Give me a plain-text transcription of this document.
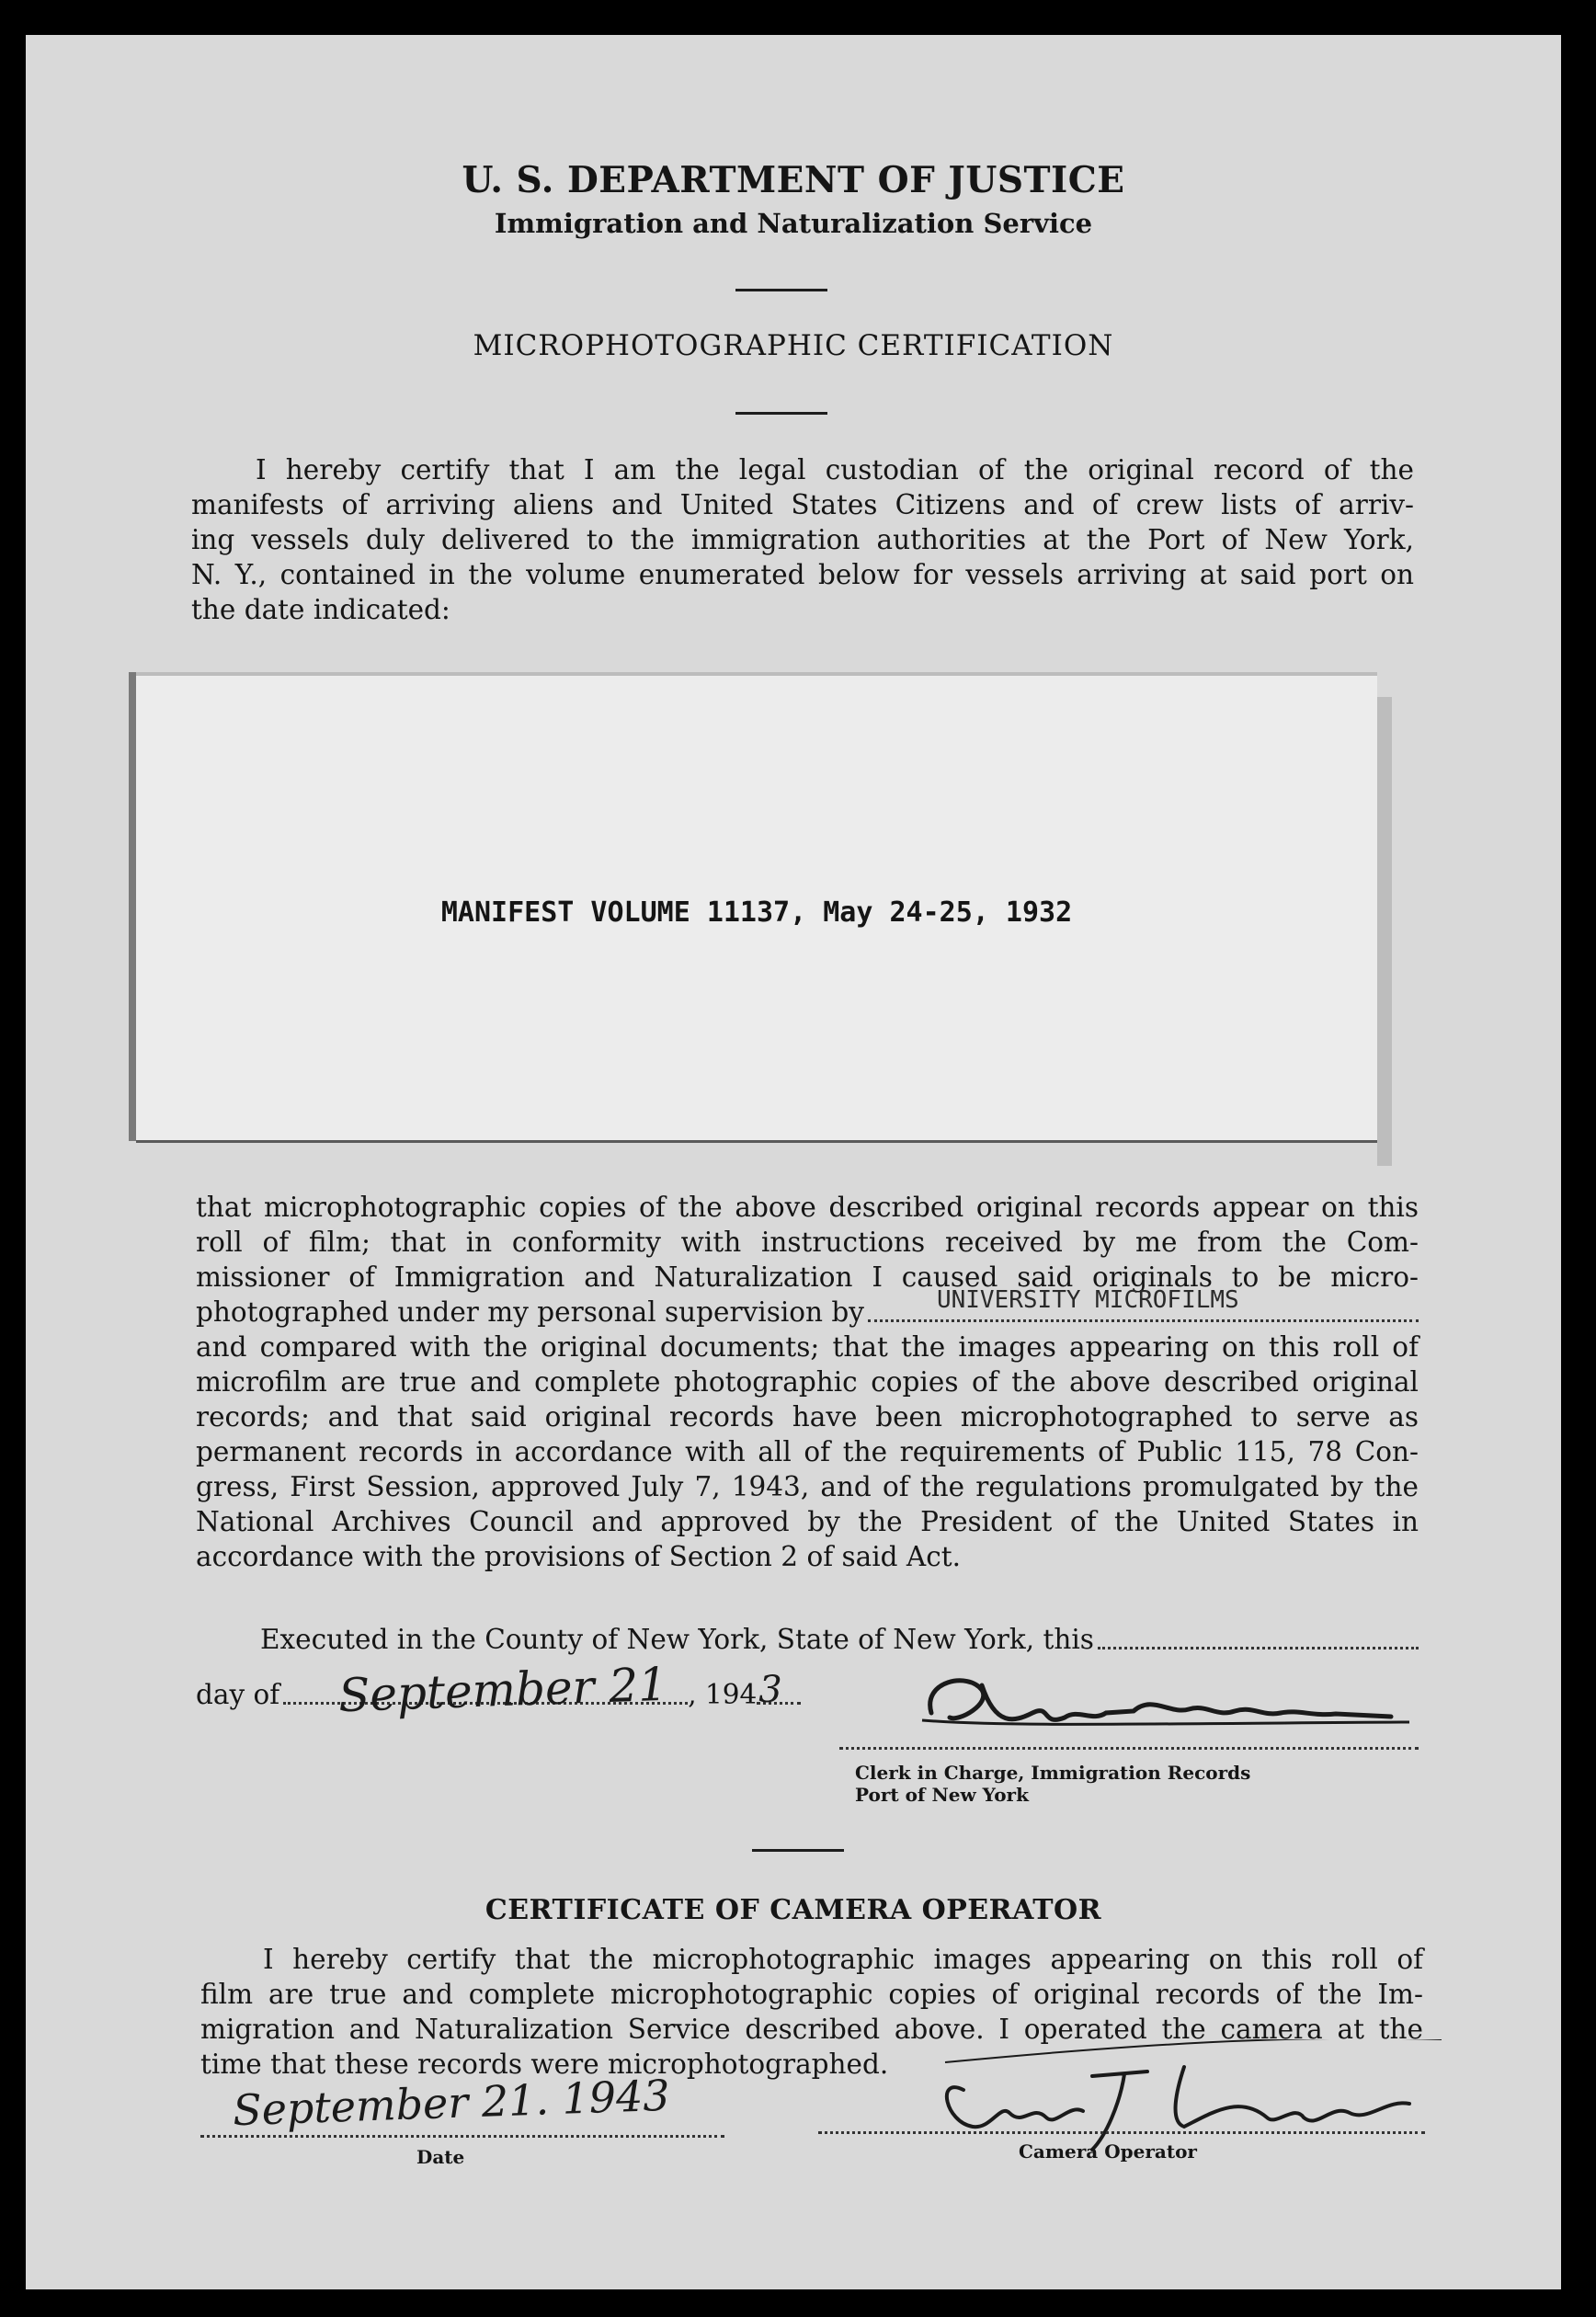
U. S. DEPARTMENT OF JUSTICE
Immigration and Naturalization Service
MICROPHOTOGRAPHIC CERTIFICATION
I hereby certify that I am the legal custodian of the original record of the
manifests of arriving aliens and United States Citizens and of crew lists of arriv-
ing vessels duly delivered to the immigration authorities at the Port of New York,
N. Y., contained in the volume enumerated below for vessels arriving at said port on
the date indicated:
MANIFEST VOLUME 11137, May 24-25, 1932
that microphotographic copies of the above described original records appear on this
roll of film; that in conformity with instructions received by me from the Com-
missioner of Immigration and Naturalization I caused said originals to be micro-
photographed under my personal supervision by	UNIVERSITY MICROFILMS
and compared with the original documents; that the images appearing on this roll of
microfilm are true and complete photographic copies of the above described original
records; and that said original records have been microphotographed to serve as
permanent records in accordance with all of the requirements of Public 115, 78 Con-
gress, First Session, approved July 7, 1943, and of the regulations promulgated by the
National Archives Council and approved by the President of the United States in
accordance with the provisions of Section 2 of said Act.
Executed in the County of New York, State of New York, this
day of September 21 , 194 3
Clerk in Charge, Immigration Records
Port of New York
CERTIFICATE OF CAMERA OPERATOR
I hereby certify that the microphotographic images appearing on this roll of
film are true and complete microphotographic copies of original records of the Im-
migration and Naturalization Service described above. I operated the camera at the
time that these records were microphotographed.
September 21. 1943
Date	Camera Operator
